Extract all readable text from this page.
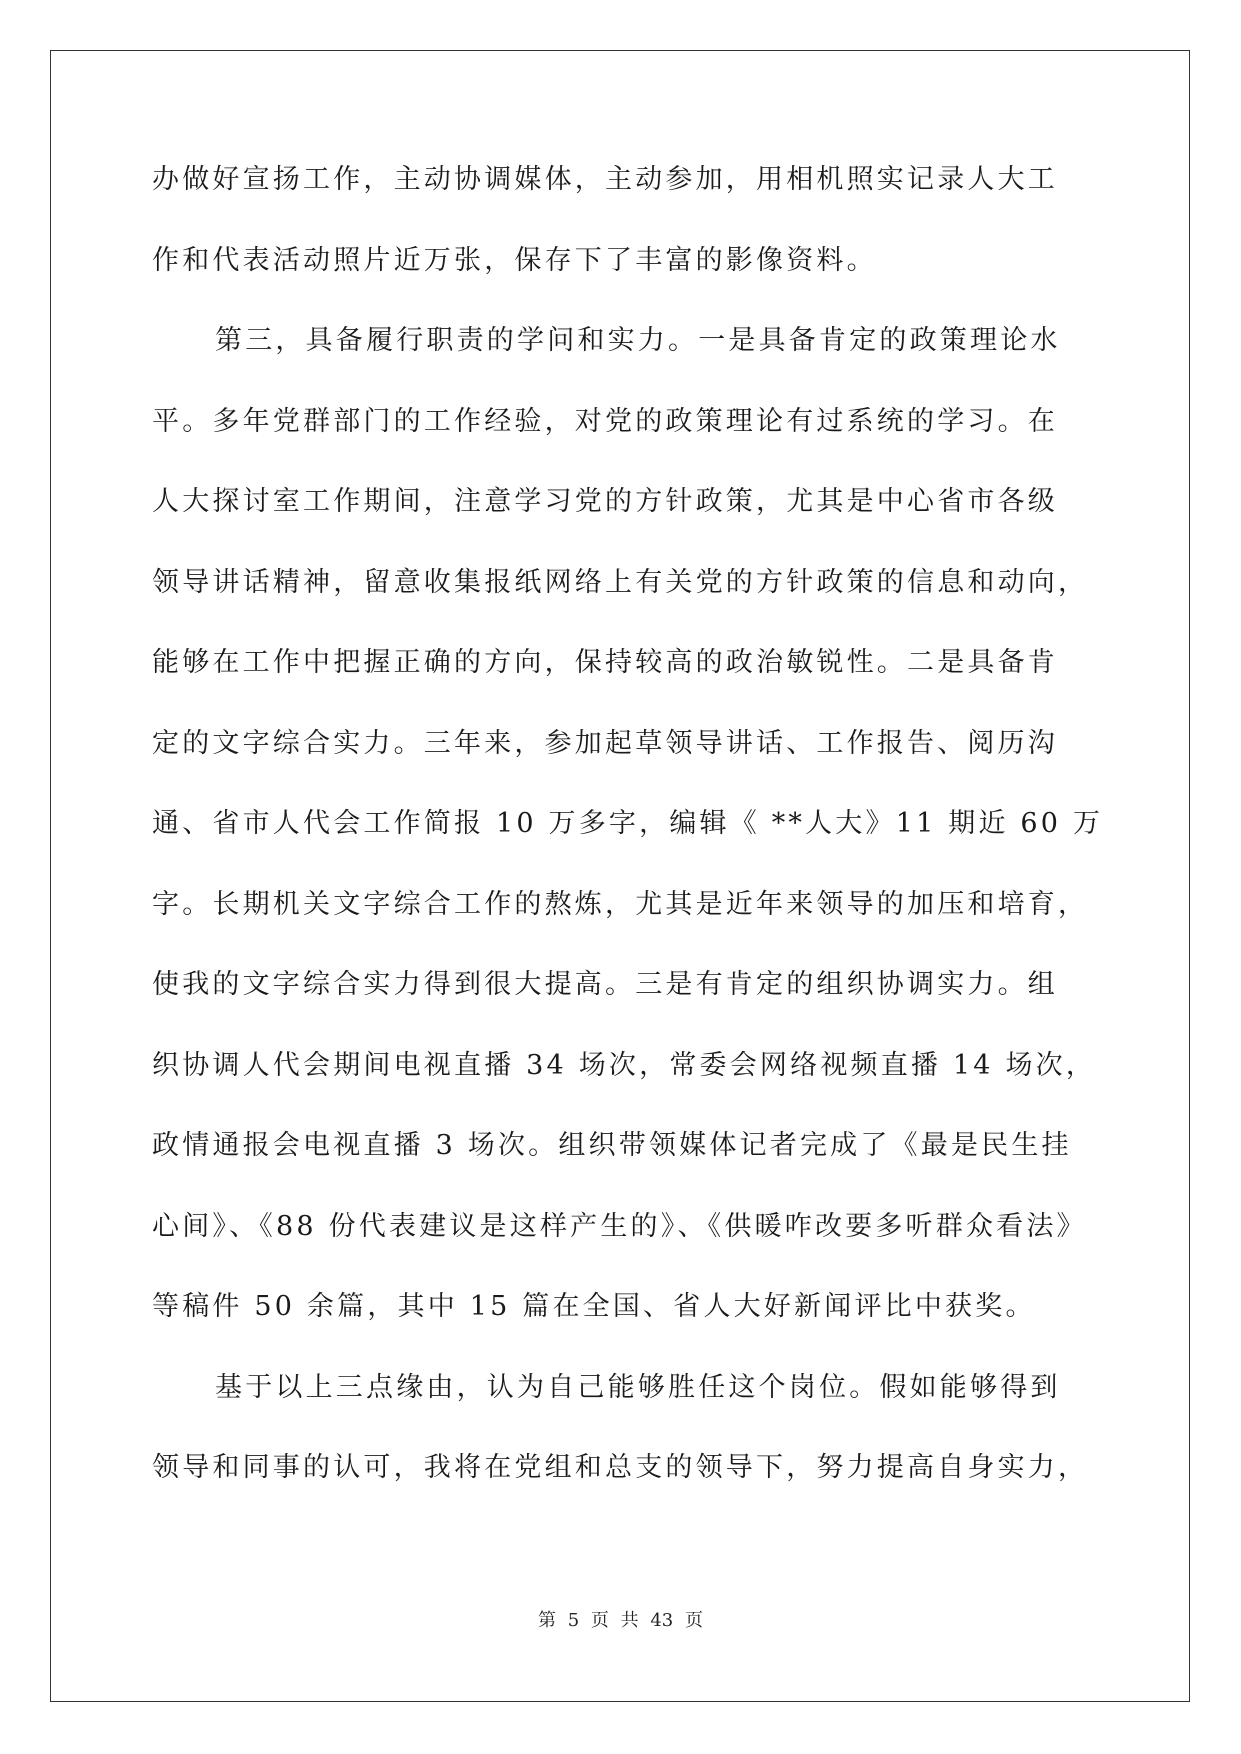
办做好宣扬工作，主动协调媒体，主动参加，用相机照实记录人大工
作和代表活动照片近万张，保存下了丰富的影像资料。
第三，具备履行职责的学问和实力。一是具备肯定的政策理论水
平。多年党群部门的工作经验，对党的政策理论有过系统的学习。在
人大探讨室工作期间，注意学习党的方针政策，尤其是中心省市各级
领导讲话精神，留意收集报纸网络上有关党的方针政策的信息和动向，
能够在工作中把握正确的方向，保持较高的政治敏锐性。二是具备肯
定的文字综合实力。三年来，参加起草领导讲话、工作报告、阅历沟
通、省市人代会工作简报 10 万多字，编辑《 **人大》11 期近 60 万
字。长期机关文字综合工作的熬炼，尤其是近年来领导的加压和培育，
使我的文字综合实力得到很大提高。三是有肯定的组织协调实力。组
织协调人代会期间电视直播 34 场次，常委会网络视频直播 14 场次，
政情通报会电视直播 3 场次。组织带领媒体记者完成了《最是民生挂
心间》、《88 份代表建议是这样产生的》、《供暖咋改要多听群众看法》
等稿件 50 余篇，其中 15 篇在全国、省人大好新闻评比中获奖。
基于以上三点缘由，认为自己能够胜任这个岗位。假如能够得到
领导和同事的认可，我将在党组和总支的领导下，努力提高自身实力，
第 5 页 共 43 页
